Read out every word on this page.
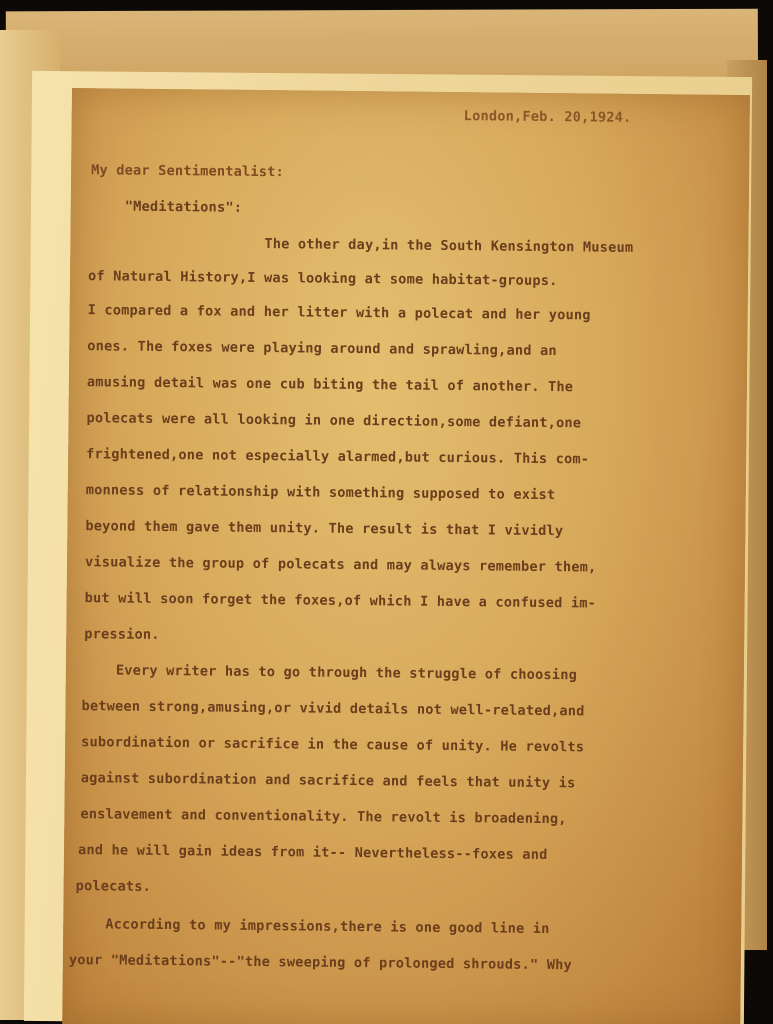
London,Feb. 20,1924.
My dear Sentimentalist:
"Meditations":
The other day,in the South Kensington Museum
of Natural History,I was looking at some habitat-groups.
I compared a fox and her litter with a polecat and her young
ones. The foxes were playing around and sprawling,and an
amusing detail was one cub biting the tail of another. The
polecats were all looking in one direction,some defiant,one
frightened,one not especially alarmed,but curious. This com-
monness of relationship with something supposed to exist
beyond them gave them unity. The result is that I vividly
visualize the group of polecats and may always remember them,
but will soon forget the foxes,of which I have a confused im-
pression.
Every writer has to go through the struggle of choosing
between strong,amusing,or vivid details not well-related,and
subordination or sacrifice in the cause of unity. He revolts
against subordination and sacrifice and feels that unity is
enslavement and conventionality. The revolt is broadening,
and he will gain ideas from it-- Nevertheless--foxes and
polecats.
According to my impressions,there is one good line in
your "Meditations"--"the sweeping of prolonged shrouds." Why
